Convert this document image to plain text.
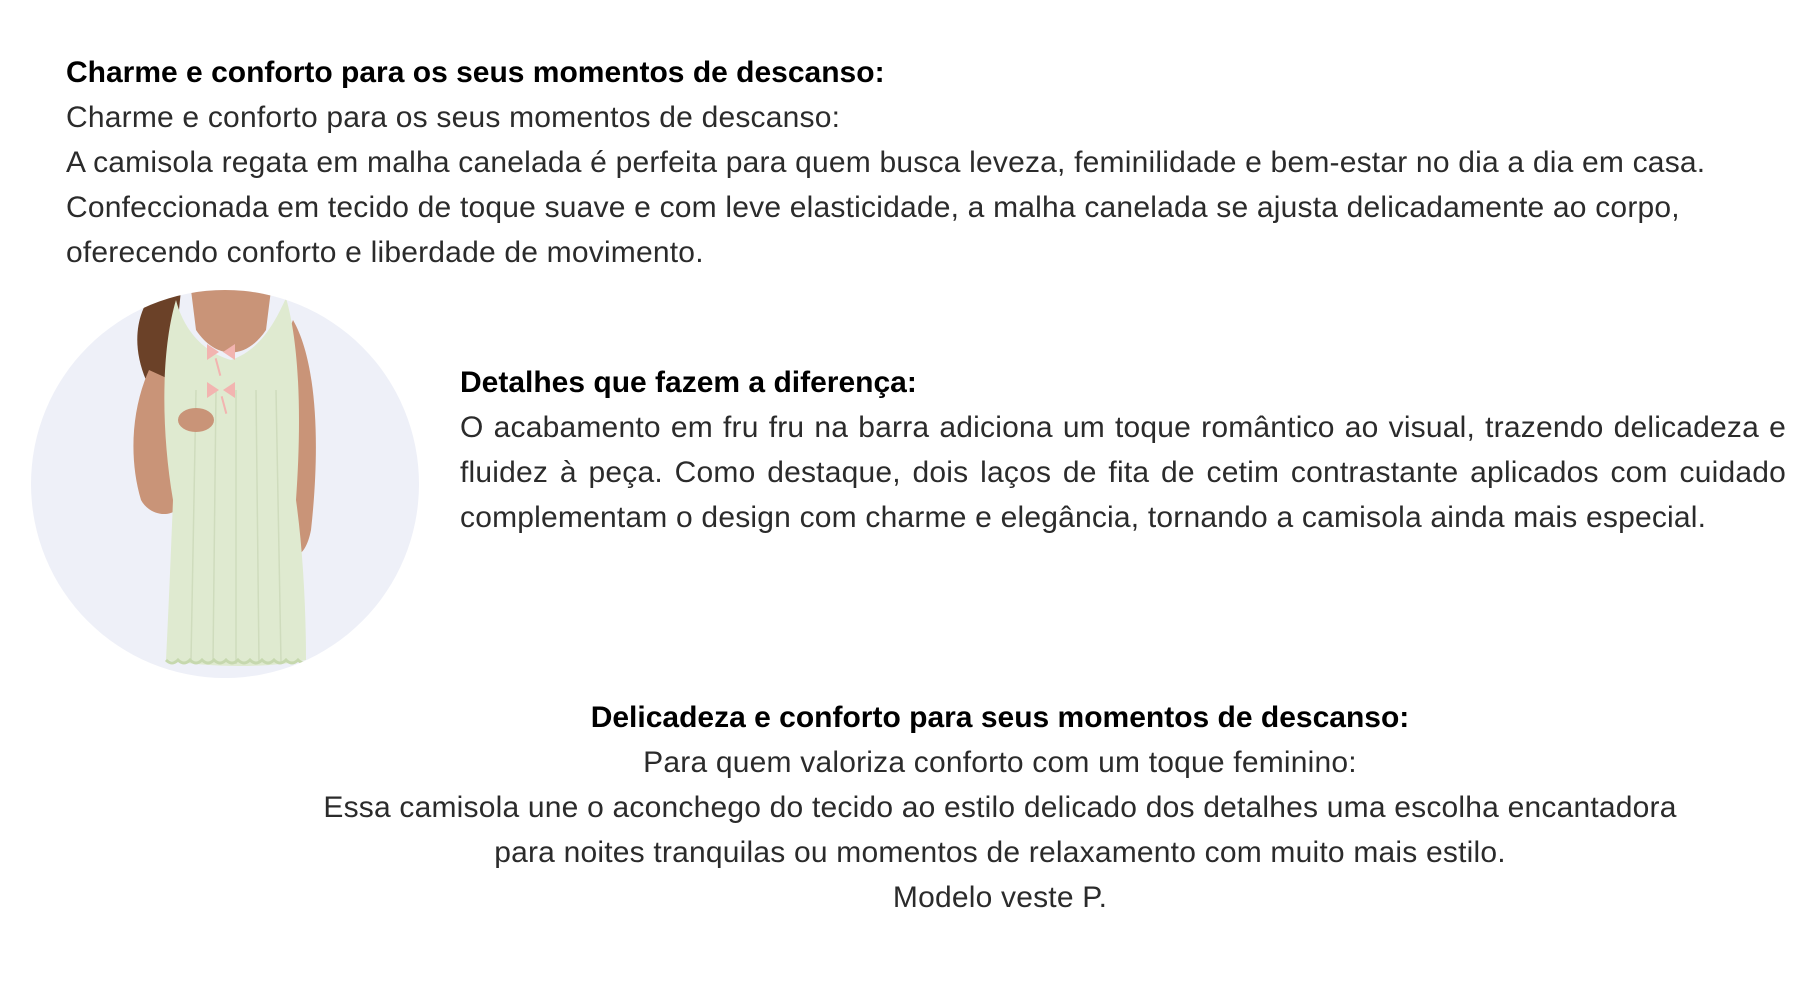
Charme e conforto para os seus momentos de descanso:

Charme e conforto para os seus momentos de descanso:

A camisola regata em malha canelada é perfeita para quem busca leveza, feminilidade e bem-estar no dia a dia em casa. Confeccionada em tecido de toque suave e com leve elasticidade, a malha canelada se ajusta delicadamente ao corpo, oferecendo conforto e liberdade de movimento.

Detalhes que fazem a diferença:

O acabamento em fru fru na barra adiciona um toque romântico ao visual, trazendo delicadeza e fluidez à peça. Como destaque, dois laços de fita de cetim contrastante aplicados com cuidado complementam o design com charme e elegância, tornando a camisola ainda mais especial.

Delicadeza e conforto para seus momentos de descanso:

Para quem valoriza conforto com um toque feminino:

Essa camisola une o aconchego do tecido ao estilo delicado dos detalhes uma escolha encantadora

para noites tranquilas ou momentos de relaxamento com muito mais estilo.

Modelo veste P.
